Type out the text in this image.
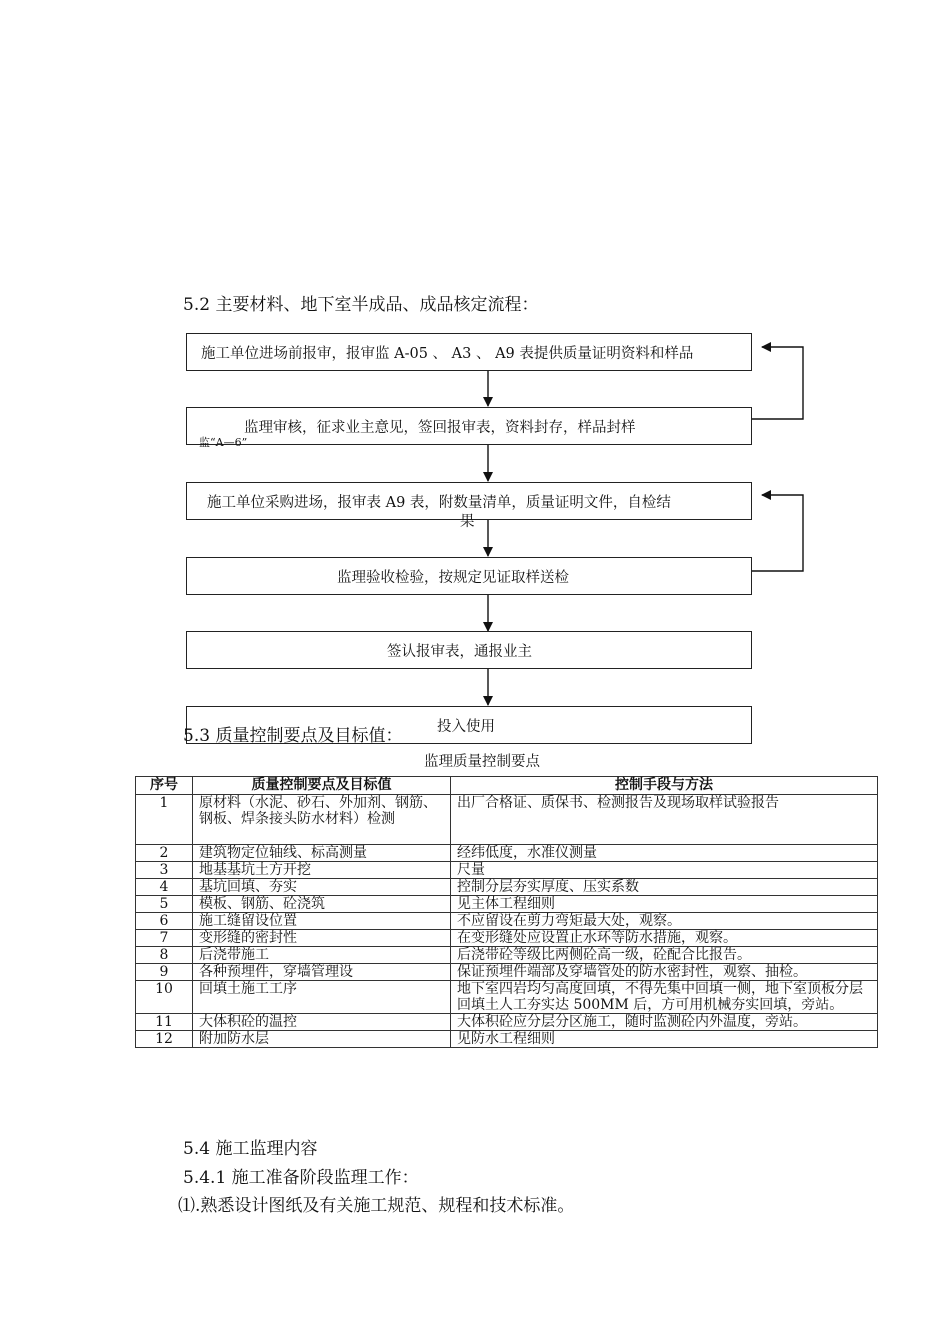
5.2 主要材料、地下室半成品、成品核定流程：
施工单位进场前报审，报审监 A-05 、 A3 、 A9 表提供质量证明资料和样品
监理审核，征求业主意见，签回报审表，资料封存，样品封样
监“A—6”
施工单位采购进场，报审表 A9 表，附数量清单，质量证明文件，自检结
果
监理验收检验，按规定见证取样送检
签认报审表，通报业主
投入使用
5.3 质量控制要点及目标值：
监理质量控制要点
序号	质量控制要点及目标值	控制手段与方法
1	原材料（水泥、砂石、外加剂、钢筋、钢板、焊条接头防水材料）检测	出厂合格证、质保书、检测报告及现场取样试验报告
2	建筑物定位轴线、标高测量	经纬低度，水准仪测量
3	地基基坑土方开挖	尺量
4	基坑回填、夯实	控制分层夯实厚度、压实系数
5	模板、钢筋、砼浇筑	见主体工程细则
6	施工缝留设位置	不应留设在剪力弯矩最大处，观察。
7	变形缝的密封性	在变形缝处应设置止水环等防水措施，观察。
8	后浇带施工	后浇带砼等级比两侧砼高一级，砼配合比报告。
9	各种预埋件，穿墙管理设	保证预埋件端部及穿墙管处的防水密封性，观察、抽检。
10	回填土施工工序	地下室四岩均匀高度回填，不得先集中回填一侧，地下室顶板分层回填土人工夯实达 500MM 后，方可用机械夯实回填，旁站。
11	大体积砼的温控	大体积砼应分层分区施工，随时监测砼内外温度，旁站。
12	附加防水层	见防水工程细则
5.4 施工监理内容
5.4.1 施工准备阶段监理工作：
⑴.熟悉设计图纸及有关施工规范、规程和技术标准。
